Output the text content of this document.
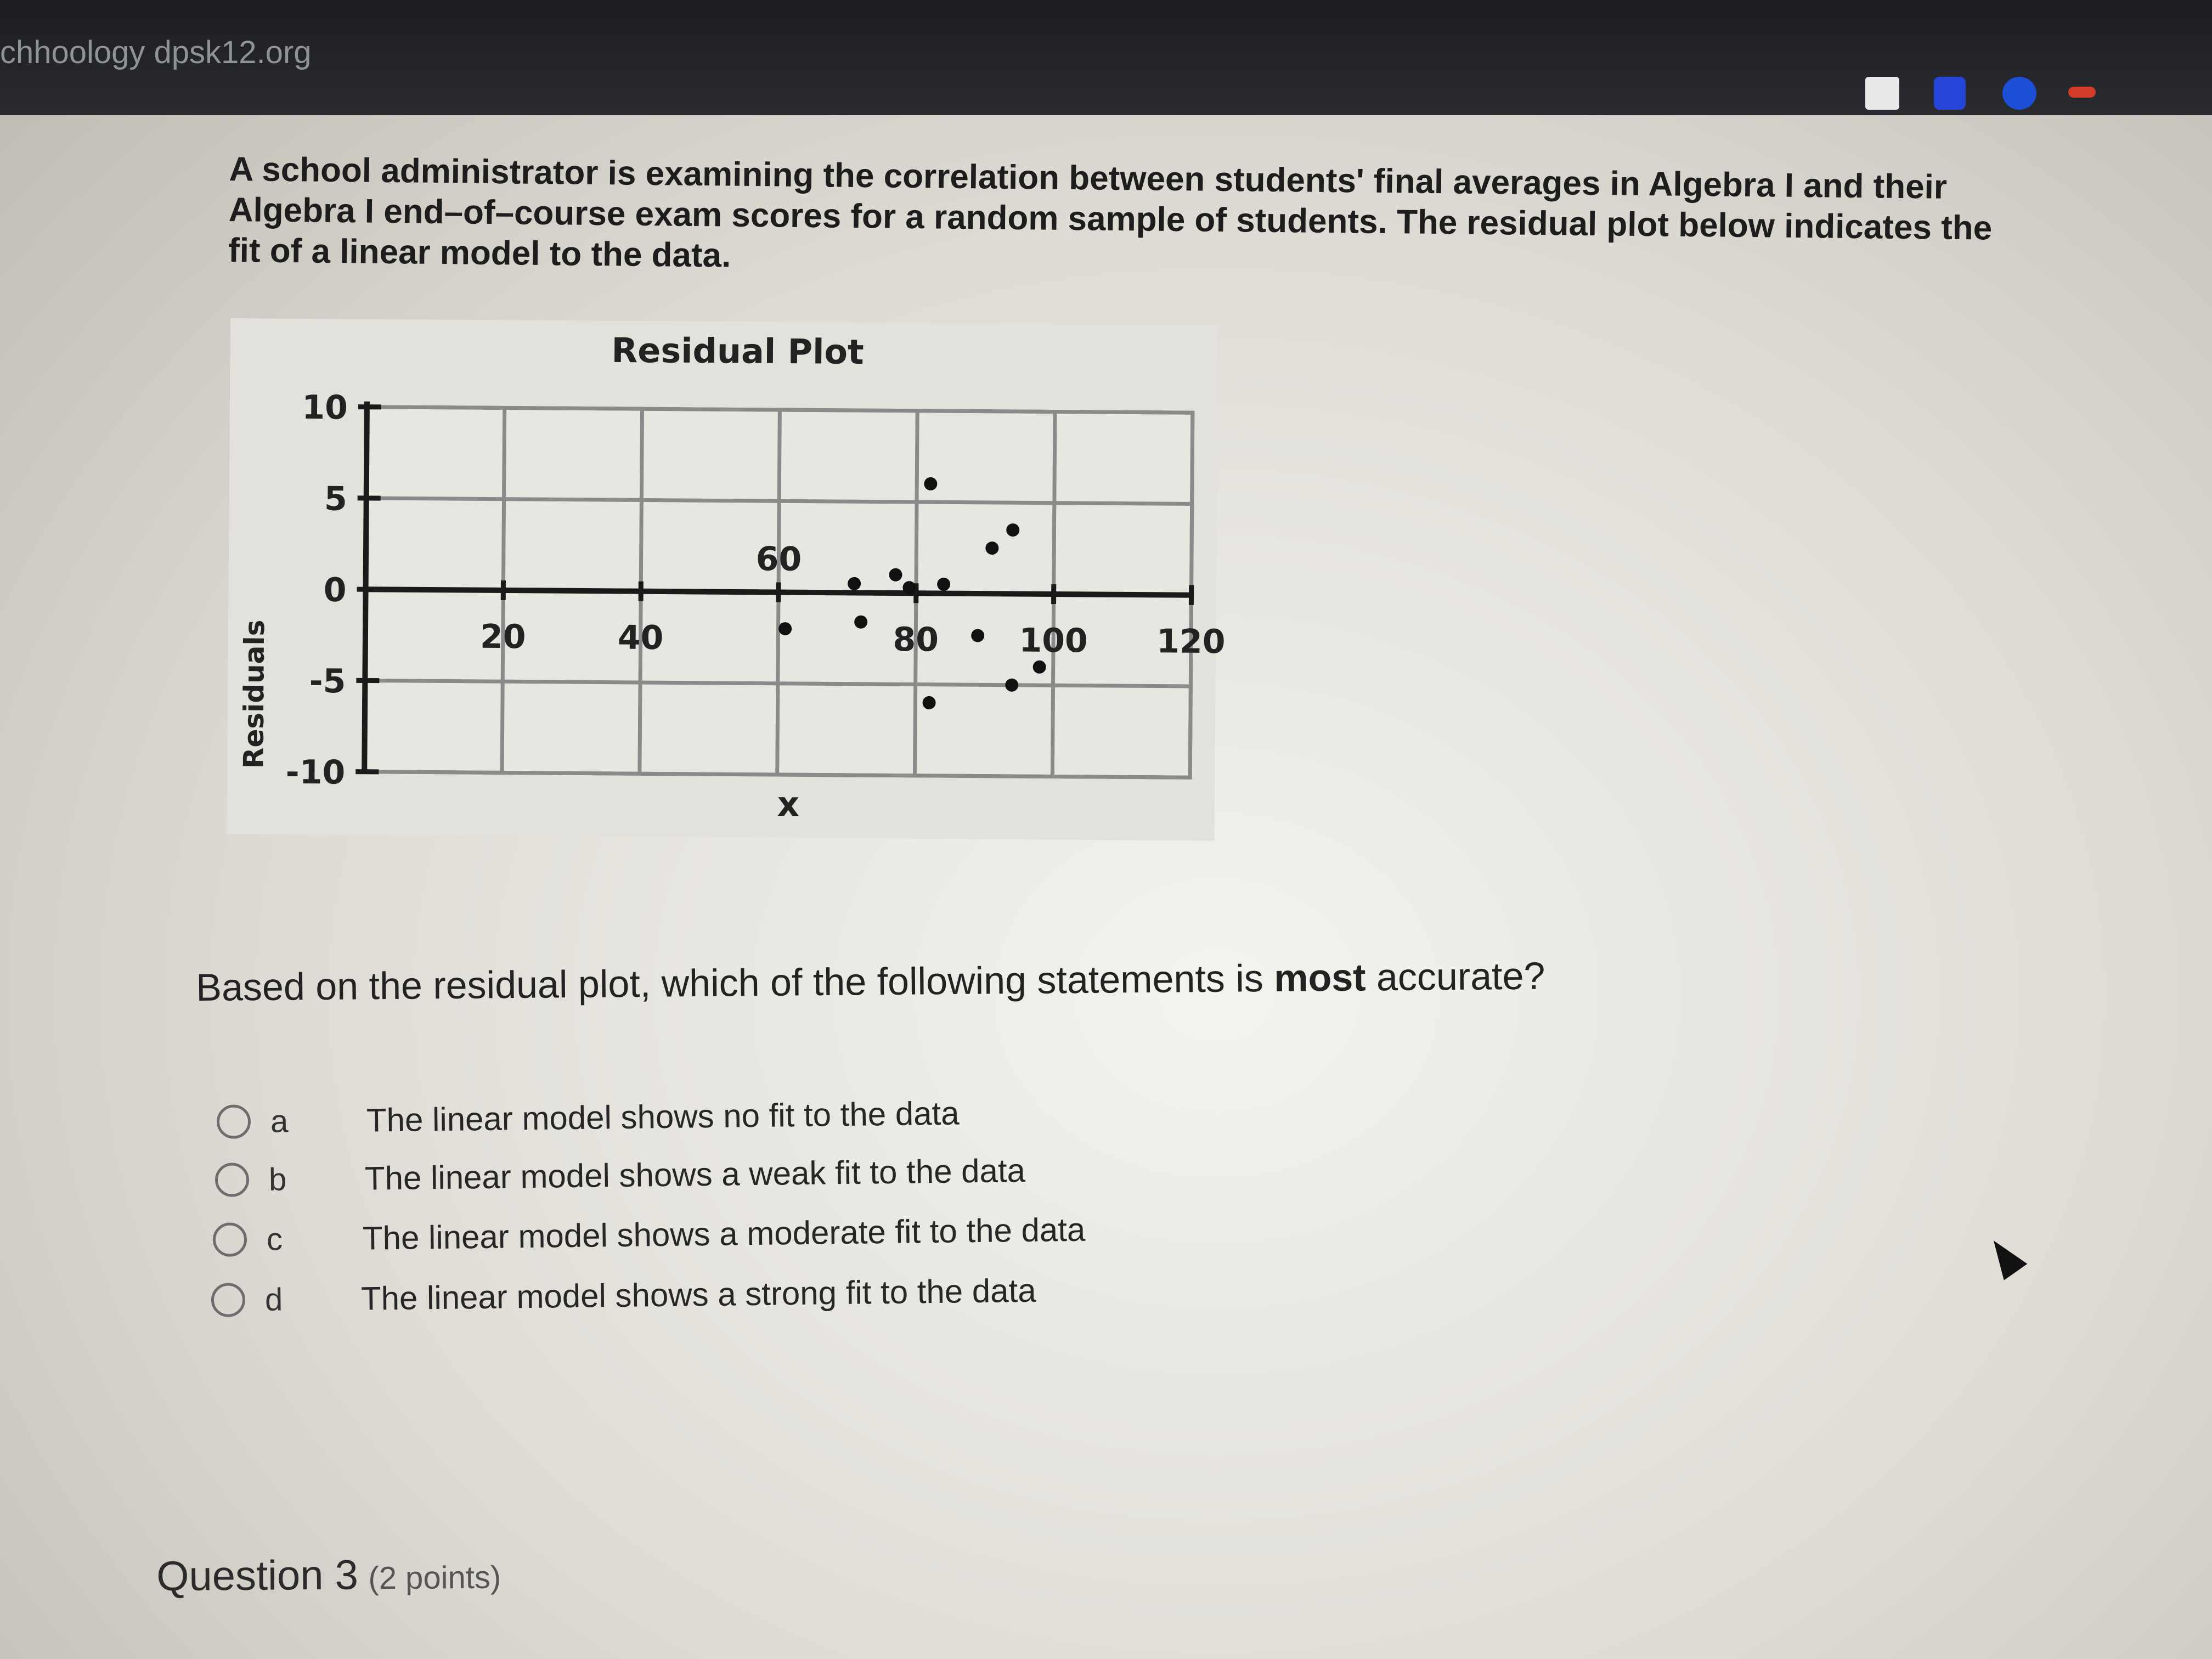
chhoology dpsk12.org

A school administrator is examining the correlation between students' final averages in Algebra I and their Algebra I end–of–course exam scores for a random sample of students. The residual plot below indicates the fit of a linear model to the data.

Residual Plot
Residuals
x
20	40
60
80 100 120
10
5
0
-5
-10

Based on the residual plot, which of the following statements is most accurate?

a	The linear model shows no fit to the data
b	The linear model shows a weak fit to the data
c	The linear model shows a moderate fit to the data
d	The linear model shows a strong fit to the data
Question 3 (2 points)
